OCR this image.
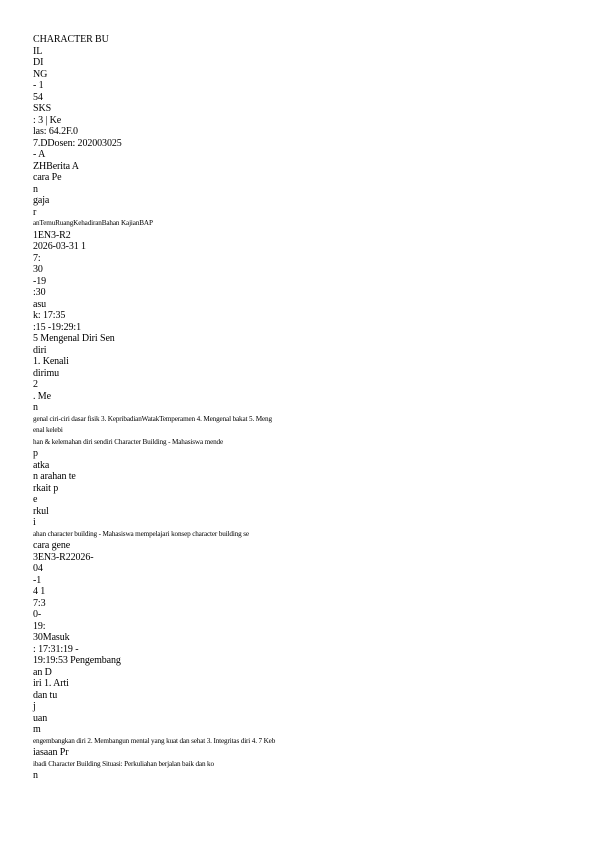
CHARACTER BU
IL
DI
NG
- 1
54
SKS
: 3 | Ke
las: 64.2F.0
7.DDosen: 202003025
- A
ZHBerita A
cara Pe
n
gaja
r
anTemuRuangKehadiranBahan KajianBAP
1EN3-R2
2026-03-31 1
7:
30
-19
:30
asu
k: 17:35
:15 -19:29:1
5 Mengenal Diri Sen
diri
1. Kenali
dirimu
2
. Me
n
genal ciri-ciri dasar fisik 3. KepribadianWatakTemperamen 4. Mengenal bakat 5. Meng
enal kelebi
han & kelemahan diri sendiri Character Building - Mahasiswa mende
p
atka
n arahan te
rkait p
e
rkul
i
ahan character building - Mahasiswa mempelajari konsep character building se
cara gene
3EN3-R22026-
04
-1
4 1
7:3
0-
19:
30Masuk
: 17:31:19 -
19:19:53 Pengembang
an D
iri 1. Arti
dan tu
j
uan
m
engembangkan diri 2. Membangun mental yang kuat dan sehat 3. Integritas diri 4. 7 Keb
iasaan Pr
ibadi Character Building Situasi: Perkuliahan berjalan baik dan ko
n
